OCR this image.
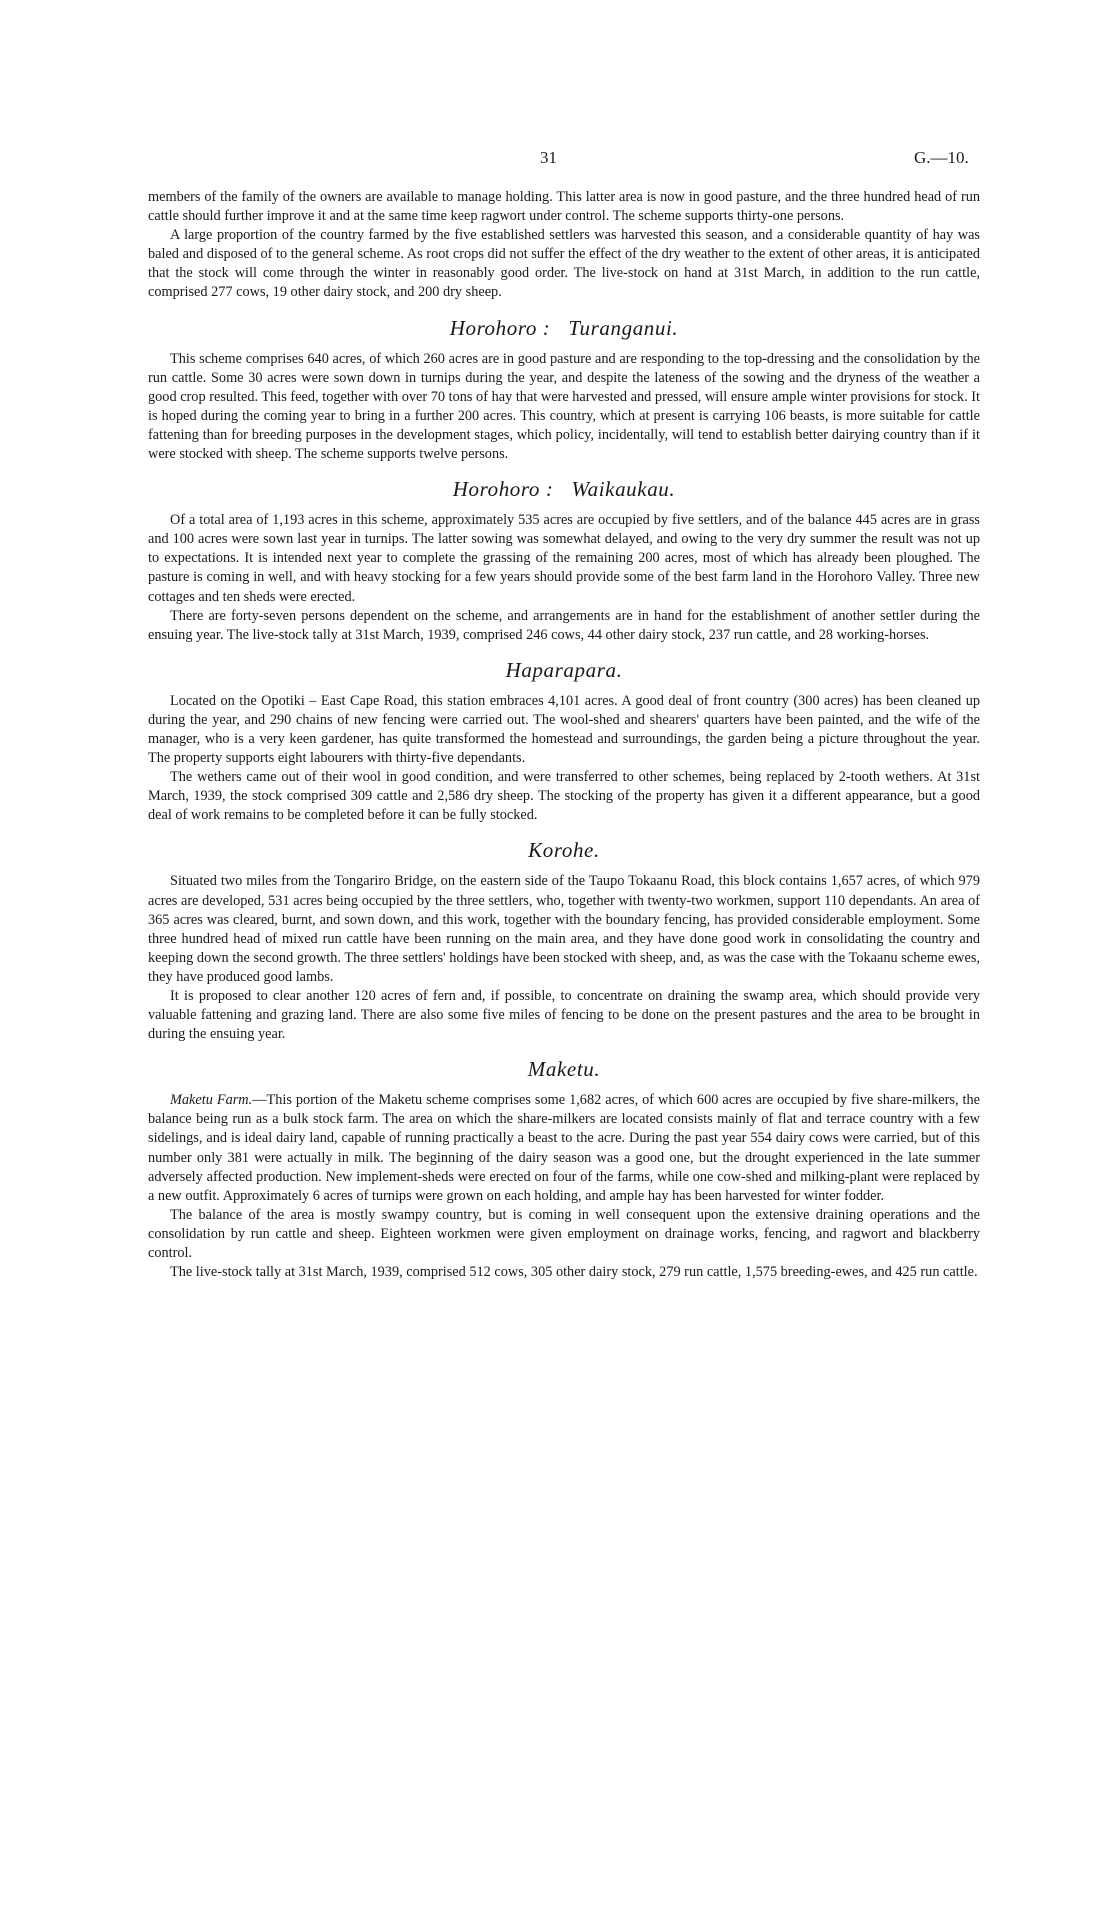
31	G.—10.

members of the family of the owners are available to manage holding. This latter area is now in good pasture, and the three hundred head of run cattle should further improve it and at the same time keep ragwort under control. The scheme supports thirty-one persons.

A large proportion of the country farmed by the five established settlers was harvested this season, and a considerable quantity of hay was baled and disposed of to the general scheme. As root crops did not suffer the effect of the dry weather to the extent of other areas, it is anticipated that the stock will come through the winter in reasonably good order. The live-stock on hand at 31st March, in addition to the run cattle, comprised 277 cows, 19 other dairy stock, and 200 dry sheep.

Horohoro : Turanganui.

This scheme comprises 640 acres, of which 260 acres are in good pasture and are responding to the top-dressing and the consolidation by the run cattle. Some 30 acres were sown down in turnips during the year, and despite the lateness of the sowing and the dryness of the weather a good crop resulted. This feed, together with over 70 tons of hay that were harvested and pressed, will ensure ample winter provisions for stock. It is hoped during the coming year to bring in a further 200 acres. This country, which at present is carrying 106 beasts, is more suitable for cattle fattening than for breeding purposes in the development stages, which policy, incidentally, will tend to establish better dairying country than if it were stocked with sheep. The scheme supports twelve persons.

Horohoro : Waikaukau.

Of a total area of 1,193 acres in this scheme, approximately 535 acres are occupied by five settlers, and of the balance 445 acres are in grass and 100 acres were sown last year in turnips. The latter sowing was somewhat delayed, and owing to the very dry summer the result was not up to expectations. It is intended next year to complete the grassing of the remaining 200 acres, most of which has already been ploughed. The pasture is coming in well, and with heavy stocking for a few years should provide some of the best farm land in the Horohoro Valley. Three new cottages and ten sheds were erected.

There are forty-seven persons dependent on the scheme, and arrangements are in hand for the establishment of another settler during the ensuing year. The live-stock tally at 31st March, 1939, comprised 246 cows, 44 other dairy stock, 237 run cattle, and 28 working-horses.

Haparapara.

Located on the Opotiki – East Cape Road, this station embraces 4,101 acres. A good deal of front country (300 acres) has been cleaned up during the year, and 290 chains of new fencing were carried out. The wool-shed and shearers' quarters have been painted, and the wife of the manager, who is a very keen gardener, has quite transformed the homestead and surroundings, the garden being a picture throughout the year. The property supports eight labourers with thirty-five dependants.

The wethers came out of their wool in good condition, and were transferred to other schemes, being replaced by 2-tooth wethers. At 31st March, 1939, the stock comprised 309 cattle and 2,586 dry sheep. The stocking of the property has given it a different appearance, but a good deal of work remains to be completed before it can be fully stocked.

Korohe.

Situated two miles from the Tongariro Bridge, on the eastern side of the Taupo Tokaanu Road, this block contains 1,657 acres, of which 979 acres are developed, 531 acres being occupied by the three settlers, who, together with twenty-two workmen, support 110 dependants. An area of 365 acres was cleared, burnt, and sown down, and this work, together with the boundary fencing, has provided considerable employment. Some three hundred head of mixed run cattle have been running on the main area, and they have done good work in consolidating the country and keeping down the second growth. The three settlers' holdings have been stocked with sheep, and, as was the case with the Tokaanu scheme ewes, they have produced good lambs.

It is proposed to clear another 120 acres of fern and, if possible, to concentrate on draining the swamp area, which should provide very valuable fattening and grazing land. There are also some five miles of fencing to be done on the present pastures and the area to be brought in during the ensuing year.

Maketu.

Maketu Farm.—This portion of the Maketu scheme comprises some 1,682 acres, of which 600 acres are occupied by five share-milkers, the balance being run as a bulk stock farm. The area on which the share-milkers are located consists mainly of flat and terrace country with a few sidelings, and is ideal dairy land, capable of running practically a beast to the acre. During the past year 554 dairy cows were carried, but of this number only 381 were actually in milk. The beginning of the dairy season was a good one, but the drought experienced in the late summer adversely affected production. New implement-sheds were erected on four of the farms, while one cow-shed and milking-plant were replaced by a new outfit. Approximately 6 acres of turnips were grown on each holding, and ample hay has been harvested for winter fodder.

The balance of the area is mostly swampy country, but is coming in well consequent upon the extensive draining operations and the consolidation by run cattle and sheep. Eighteen workmen were given employment on drainage works, fencing, and ragwort and blackberry control.

The live-stock tally at 31st March, 1939, comprised 512 cows, 305 other dairy stock, 279 run cattle, 1,575 breeding-ewes, and 425 run cattle.
